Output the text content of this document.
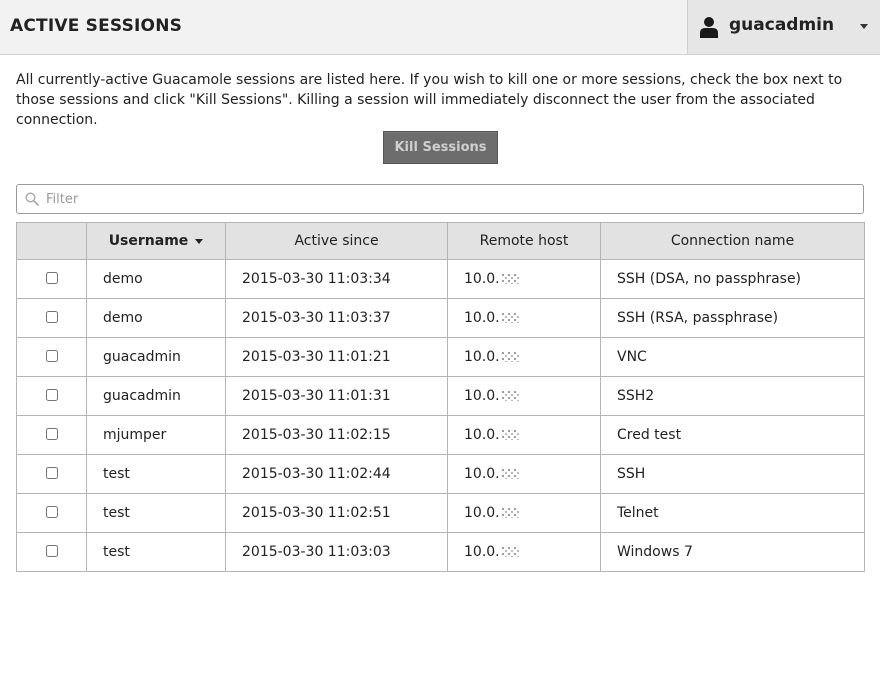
ACTIVE SESSIONS	guacadmin

All currently-active Guacamole sessions are listed here. If you wish to kill one or more sessions, check the box next to those sessions and click "Kill Sessions". Killing a session will immediately disconnect the user from the associated connection.

Kill Sessions
Filter
	Username	Active since	Remote host	Connection name
	demo	2015-03-30 11:03:34	10.0.	SSH (DSA, no passphrase)
	demo	2015-03-30 11:03:37	10.0.	SSH (RSA, passphrase)
	guacadmin	2015-03-30 11:01:21	10.0.	VNC
	guacadmin	2015-03-30 11:01:31	10.0.	SSH2
	mjumper	2015-03-30 11:02:15	10.0.	Cred test
	test	2015-03-30 11:02:44	10.0.	SSH
	test	2015-03-30 11:02:51	10.0.	Telnet
	test	2015-03-30 11:03:03	10.0.	Windows 7
